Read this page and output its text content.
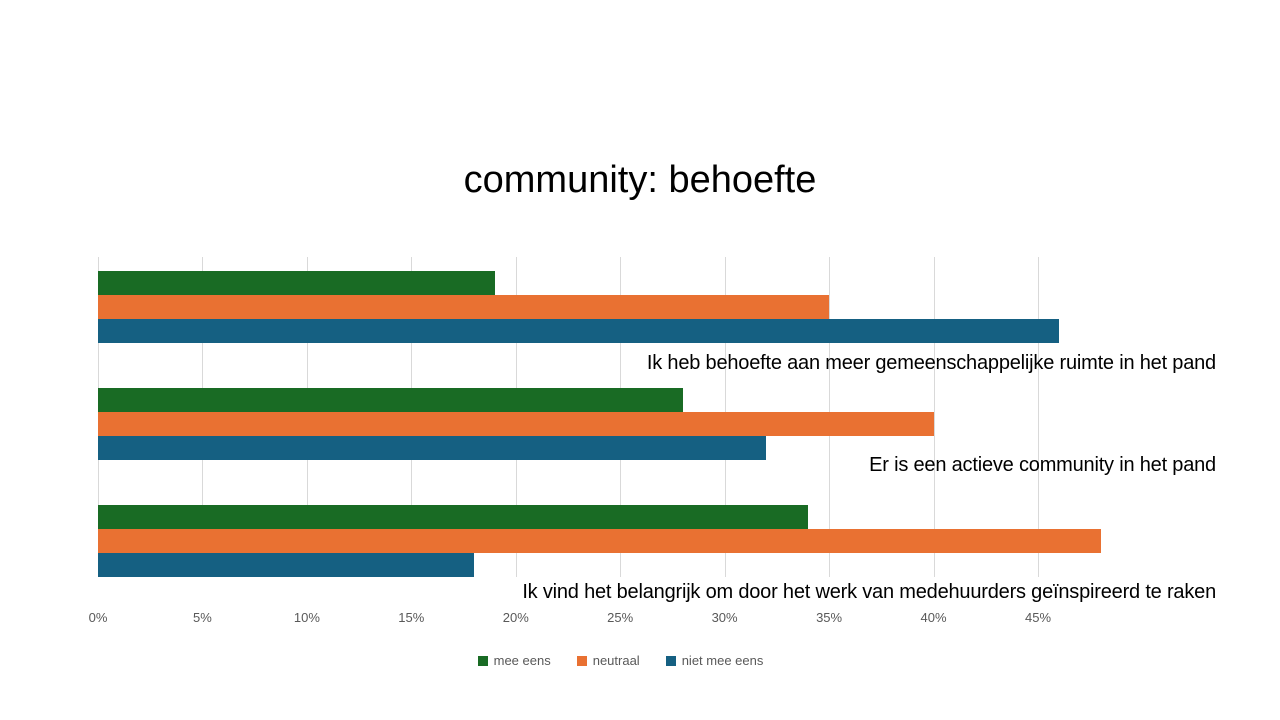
community: behoefte
mee eens	neutraal	niet mee eens
0%	5%	10%	15%	20%	25%	30%	35%	40%	45%
Ik heb behoefte aan meer gemeenschappelijke ruimte in het pand
Er is een actieve community in het pand
Ik vind het belangrijk om door het werk van medehuurders geïnspireerd te raken
